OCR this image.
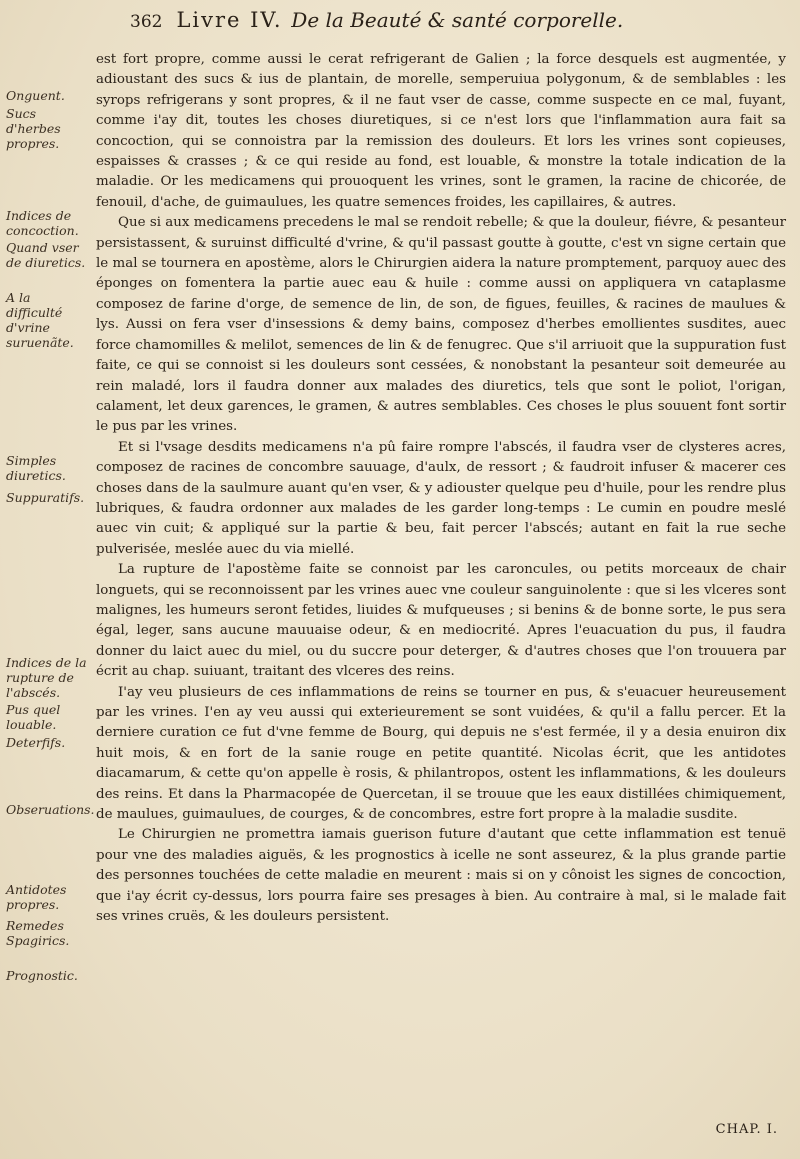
362 Livre IV. De la Beauté & santé corporelle.
Onguent.
Sucs d'herbes propres.
Indices de concoction.
Quand vser de diuretics.
A la difficulté d'vrine suruenãte.
Simples diuretics.
Suppuratifs.
Indices de la rupture de l'abscés.
Pus quel louable.
Deterfifs.
Obseruations.
Antidotes propres.
Remedes Spagirics.
Prognostic.

est fort propre, comme aussi le cerat refrigerant de Galien ; la force desquels est augmentée, y adioustant des sucs & ius de plantain, de morelle, semperuiua polygonum, & de semblables : les syrops refrigerans y sont propres, & il ne faut vser de casse, comme suspecte en ce mal, fuyant, comme i'ay dit, toutes les choses diuretiques, si ce n'est lors que l'inflammation aura fait sa concoction, qui se connoistra par la remission des douleurs. Et lors les vrines sont copieuses, espaisses & crasses ; & ce qui reside au fond, est louable, & monstre la totale indication de la maladie. Or les medicamens qui prouoquent les vrines, sont le gramen, la racine de chicorée, de fenouil, d'ache, de guimaulues, les quatre semences froides, les capillaires, & autres.

Que si aux medicamens precedens le mal se rendoit rebelle; & que la douleur, fiévre, & pesanteur persistassent, & suruinst difficulté d'vrine, & qu'il passast goutte à goutte, c'est vn signe certain que le mal se tournera en apostème, alors le Chirurgien aidera la nature promptement, parquoy auec des éponges on fomentera la partie auec eau & huile : comme aussi on appliquera vn cataplasme composez de farine d'orge, de semence de lin, de son, de figues, feuilles, & racines de maulues & lys. Aussi on fera vser d'insessions & demy bains, composez d'herbes emollientes susdites, auec force chamomilles & melilot, semences de lin & de fenugrec. Que s'il arriuoit que la suppuration fust faite, ce qui se connoist si les douleurs sont cessées, & nonobstant la pesanteur soit demeurée au rein maladé, lors il faudra donner aux malades des diuretics, tels que sont le poliot, l'origan, calament, let deux garences, le gramen, & autres semblables. Ces choses le plus souuent font sortir le pus par les vrines.

Et si l'vsage desdits medicamens n'a pû faire rompre l'abscés, il faudra vser de clysteres acres, composez de racines de concombre sauuage, d'aulx, de ressort ; & faudroit infuser & macerer ces choses dans de la saulmure auant qu'en vser, & y adiouster quelque peu d'huile, pour les rendre plus lubriques, & faudra ordonner aux malades de les garder long-temps : Le cumin en poudre meslé auec vin cuit; & appliqué sur la partie & beu, fait percer l'abscés; autant en fait la rue seche pulverisée, meslée auec du via miellé.

La rupture de l'apostème faite se connoist par les caroncules, ou petits morceaux de chair longuets, qui se reconnoissent par les vrines auec vne couleur sanguinolente : que si les vlceres sont malignes, les humeurs seront fetides, liuides & mufqueuses ; si benins & de bonne sorte, le pus sera égal, leger, sans aucune mauuaise odeur, & en mediocrité. Apres l'euacuation du pus, il faudra donner du laict auec du miel, ou du succre pour deterger, & d'autres choses que l'on trouuera par écrit au chap. suiuant, traitant des vlceres des reins.

I'ay veu plusieurs de ces inflammations de reins se tourner en pus, & s'euacuer heureusement par les vrines. I'en ay veu aussi qui exterieurement se sont vuidées, & qu'il a fallu percer. Et la derniere curation ce fut d'vne femme de Bourg, qui depuis ne s'est fermée, il y a desia enuiron dix huit mois, & en fort de la sanie rouge en petite quantité. Nicolas écrit, que les antidotes diacamarum, & cette qu'on appelle è rosis, & philantropos, ostent les inflammations, & les douleurs des reins. Et dans la Pharmacopée de Quercetan, il se trouue que les eaux distillées chimiquement, de maulues, guimaulues, de courges, & de concombres, estre fort propre à la maladie susdite.

Le Chirurgien ne promettra iamais guerison future d'autant que cette inflammation est tenuë pour vne des maladies aiguës, & les prognostics à icelle ne sont asseurez, & la plus grande partie des personnes touchées de cette maladie en meurent : mais si on y cônoist les signes de concoction, que i'ay écrit cy-dessus, lors pourra faire ses presages à bien. Au contraire à mal, si le malade fait ses vrines cruës, & les douleurs persistent.

CHAP. I.
